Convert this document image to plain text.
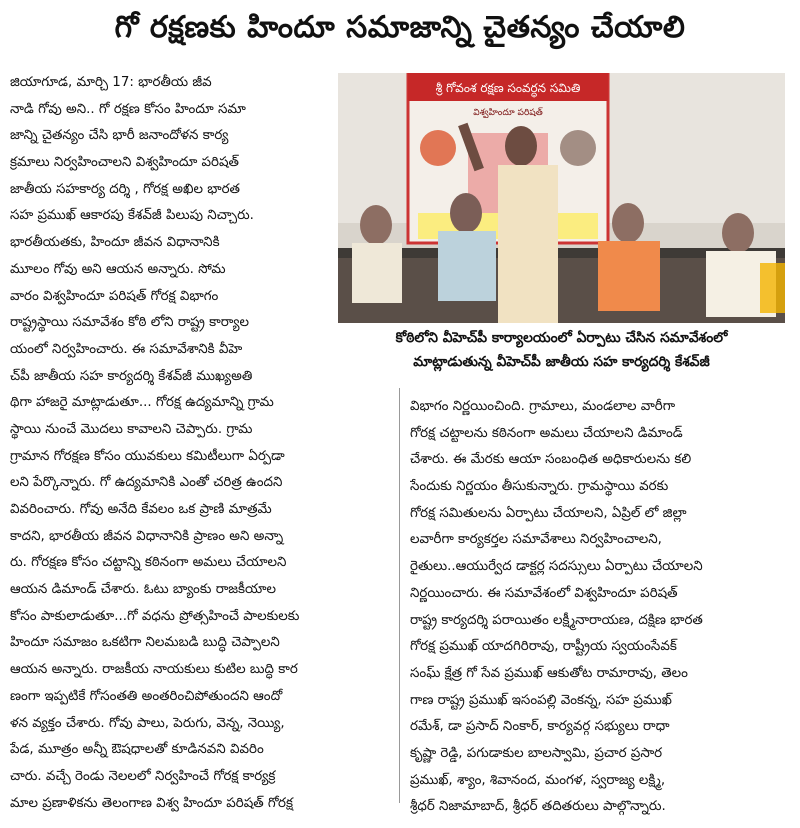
గో రక్షణకు హిందూ సమాజాన్ని చైతన్యం చేయాలి
జియాగూడ, మార్చి 17: భారతీయ జీవ
నాడి గోవు అని.. గో రక్షణ కోసం హిందూ సమా
జాన్ని చైతన్యం చేసి భారీ జనాందోళన కార్య
క్రమాలు నిర్వహించాలని విశ్వహిందూ పరిషత్
జాతీయ సహకార్య దర్శి , గోరక్ష అఖిల భారత
సహ ప్రముఖ్ ఆకారపు కేశవ్‌జీ పిలుపు నిచ్చారు.
భారతీయతకు, హిందూ జీవన విధానానికి
మూలం గోవు అని ఆయన అన్నారు. సోమ
వారం విశ్వహిందూ పరిషత్ గోరక్ష విభాగం
రాష్ట్రస్థాయి సమావేశం కోఠి లోని రాష్ట్ర కార్యాల
యంలో నిర్వహించారు. ఈ సమావేశానికి వీహె
చ్‌పీ జాతీయ సహ కార్యదర్శి కేశవ్‌జీ ముఖ్యఅతి
థిగా హాజరై మాట్లాడుతూ... గోరక్ష ఉద్యమాన్ని గ్రామ
స్థాయి నుంచే మొదలు కావాలని చెప్పారు. గ్రామ
గ్రామాన గోరక్షణ కోసం యువకులు కమిటీలుగా ఏర్పడా
లని పేర్కొన్నారు. గో ఉద్యమానికి ఎంతో చరిత్ర ఉందని
వివరించారు. గోవు అనేది కేవలం ఒక ప్రాణి మాత్రమే
కాదని, భారతీయ జీవన విధానానికి ప్రాణం అని అన్నా
రు. గోరక్షణ కోసం చట్టాన్ని కఠినంగా అమలు చేయాలని
ఆయన డిమాండ్ చేశారు. ఓటు బ్యాంకు రాజకీయాల
కోసం పాకులాడుతూ...గో వధను ప్రోత్సహించే పాలకులకు
హిందూ సమాజం ఒకటిగా నిలమబడి బుద్ధి చెప్పాలని
ఆయన అన్నారు. రాజకీయ నాయకులు కుటిల బుద్ధి కార
ణంగా ఇప్పటికే గోసంతతి అంతరించిపోతుందని ఆందో
ళన వ్యక్తం చేశారు. గోవు పాలు, పెరుగు, వెన్న, నెయ్యి,
పేడ, మూత్రం అన్నీ ఔషధాలతో కూడినవని వివరిం
చారు. వచ్చే రెండు నెలలలో నిర్వహించే గోరక్ష కార్యక్ర
మాల ప్రణాళికను తెలంగాణ విశ్వ హిందూ పరిషత్ గోరక్ష
విభాగం నిర్ణయించింది. గ్రామాలు, మండలాల వారీగా
గోరక్ష చట్టాలను కఠినంగా అమలు చేయాలని డిమాండ్
చేశారు. ఈ మేరకు ఆయా సంబంధిత అధికారులను కలి
సేందుకు నిర్ణయం తీసుకున్నారు. గ్రామస్థాయి వరకు
గోరక్ష సమితులను ఏర్పాటు చేయాలని, ఏప్రిల్ లో జిల్లా
లవారీగా కార్యకర్తల సమావేశాలు నిర్వహించాలని,
రైతులు..ఆయుర్వేద డాక్టర్ల సదస్సులు ఏర్పాటు చేయాలని
నిర్ణయించారు. ఈ సమావేశంలో విశ్వహిందూ పరిషత్
రాష్ట్ర కార్యదర్శి పరాయితం లక్ష్మీనారాయణ, దక్షిణ భారత
గోరక్ష ప్రముఖ్ యాదగిరిరావు, రాష్ట్రీయ స్వయంసేవక్
సంఘ్ క్షేత్ర గో సేవ ప్రముఖ్ ఆకుతోట రామారావు, తెలం
గాణ రాష్ట్ర ప్రముఖ్ ఇసంపల్లి వెంకన్న, సహ ప్రముఖ్
రమేశ్, డా ప్రసాద్ నింకార్, కార్యవర్గ సభ్యులు రాధా
కృష్ణా రెడ్డి, పగుడాకుల బాలస్వామి, ప్రచార ప్రసార
ప్రముఖ్, శ్యాం, శివానంద, మంగళ, స్వరాజ్య లక్ష్మి,
శ్రీధర్ నిజామాబాద్, శ్రీధర్ తదితరులు పాల్గొన్నారు.
శ్రీ గోవంశ రక్షణ సంవర్ధన సమితి
విశ్వహిందూ పరిషత్
కోఠిలోని వీహెచ్‌పీ కార్యాలయంలో ఏర్పాటు చేసిన సమావేశంలో
మాట్లాడుతున్న వీహెచ్‌పీ జాతీయ సహ కార్యదర్శి కేశవ్‌జీ
